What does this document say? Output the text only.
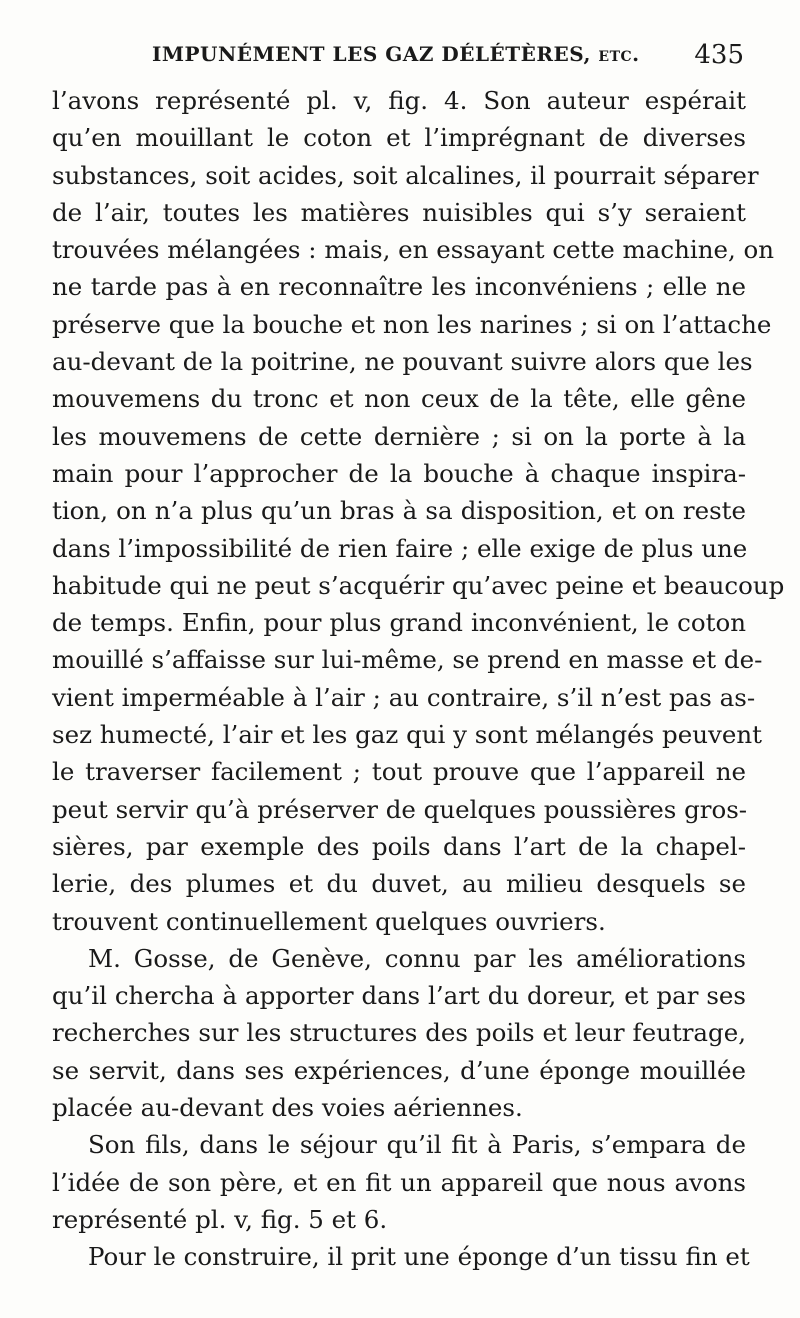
IMPUNÉMENT LES GAZ DÉLÉTÈRES, etc. 435
l’avons représenté pl. v, fig. 4. Son auteur espérait
qu’en mouillant le coton et l’imprégnant de diverses
substances, soit acides, soit alcalines, il pourrait séparer
de l’air, toutes les matières nuisibles qui s’y seraient
trouvées mélangées : mais, en essayant cette machine, on
ne tarde pas à en reconnaître les inconvéniens ; elle ne
préserve que la bouche et non les narines ; si on l’attache
au-devant de la poitrine, ne pouvant suivre alors que les
mouvemens du tronc et non ceux de la tête, elle gêne
les mouvemens de cette dernière ; si on la porte à la
main pour l’approcher de la bouche à chaque inspira-
tion, on n’a plus qu’un bras à sa disposition, et on reste
dans l’impossibilité de rien faire ; elle exige de plus une
habitude qui ne peut s’acquérir qu’avec peine et beaucoup
de temps. Enfin, pour plus grand inconvénient, le coton
mouillé s’affaisse sur lui-même, se prend en masse et de-
vient imperméable à l’air ; au contraire, s’il n’est pas as-
sez humecté, l’air et les gaz qui y sont mélangés peuvent
le traverser facilement ; tout prouve que l’appareil ne
peut servir qu’à préserver de quelques poussières gros-
sières, par exemple des poils dans l’art de la chapel-
lerie, des plumes et du duvet, au milieu desquels se
trouvent continuellement quelques ouvriers.
M. Gosse, de Genève, connu par les améliorations
qu’il chercha à apporter dans l’art du doreur, et par ses
recherches sur les structures des poils et leur feutrage,
se servit, dans ses expériences, d’une éponge mouillée
placée au-devant des voies aériennes.
Son fils, dans le séjour qu’il fit à Paris, s’empara de
l’idée de son père, et en fit un appareil que nous avons
représenté pl. v, fig. 5 et 6.
Pour le construire, il prit une éponge d’un tissu fin et
